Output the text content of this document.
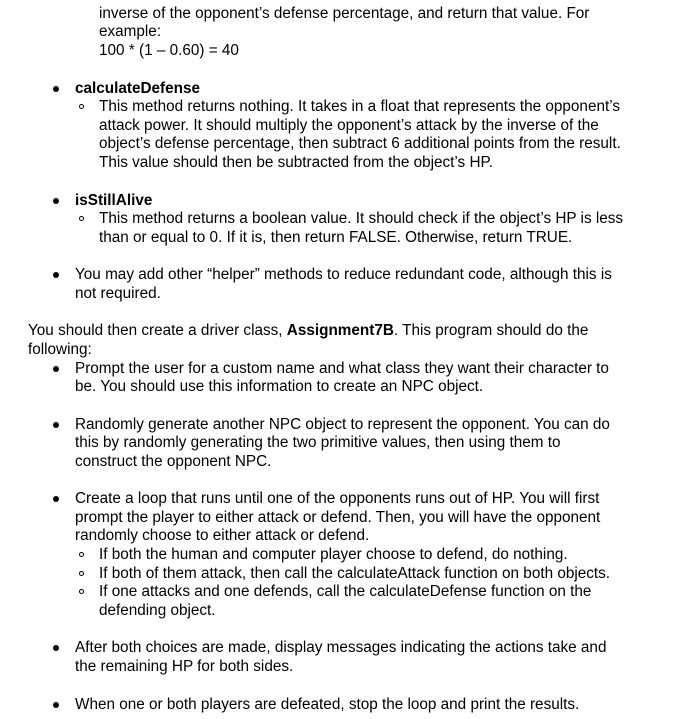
inverse of the opponent’s defense percentage, and return that value. For
example:
100 * (1 – 0.60) = 40
calculateDefense
This method returns nothing. It takes in a float that represents the opponent’s
attack power. It should multiply the opponent’s attack by the inverse of the
object’s defense percentage, then subtract 6 additional points from the result.
This value should then be subtracted from the object’s HP.
isStillAlive
This method returns a boolean value. It should check if the object’s HP is less
than or equal to 0. If it is, then return FALSE. Otherwise, return TRUE.
You may add other “helper” methods to reduce redundant code, although this is
not required.
You should then create a driver class, Assignment7B. This program should do the
following:
Prompt the user for a custom name and what class they want their character to
be. You should use this information to create an NPC object.
Randomly generate another NPC object to represent the opponent. You can do
this by randomly generating the two primitive values, then using them to
construct the opponent NPC.
Create a loop that runs until one of the opponents runs out of HP. You will first
prompt the player to either attack or defend. Then, you will have the opponent
randomly choose to either attack or defend.
If both the human and computer player choose to defend, do nothing.
If both of them attack, then call the calculateAttack function on both objects.
If one attacks and one defends, call the calculateDefense function on the
defending object.
After both choices are made, display messages indicating the actions take and
the remaining HP for both sides.
When one or both players are defeated, stop the loop and print the results.
